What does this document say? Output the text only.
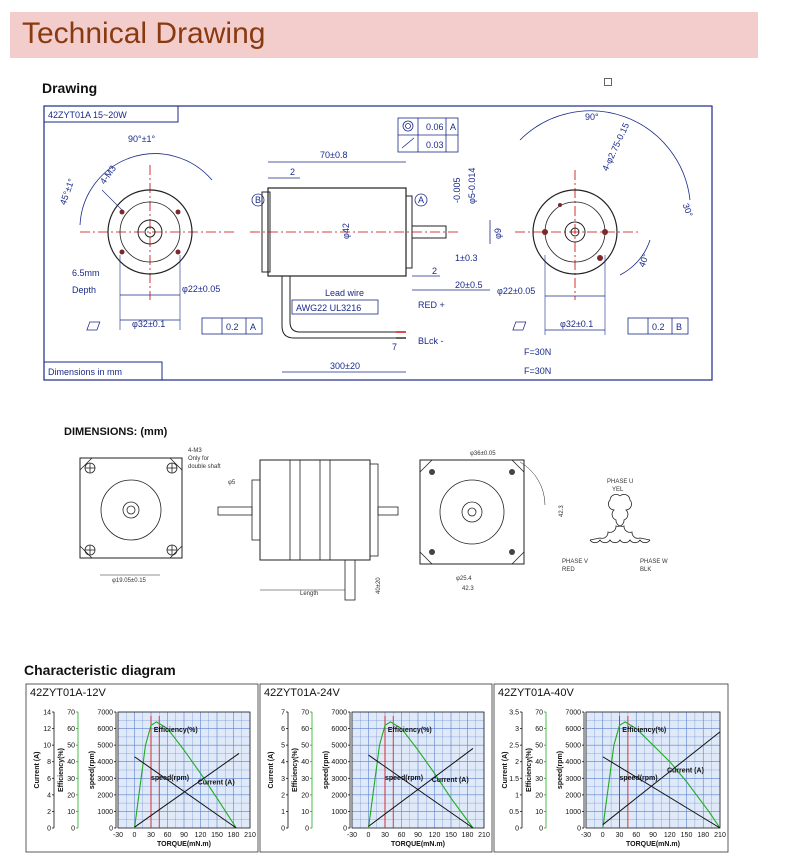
Technical Drawing
Drawing
42ZYT01A 15~20W
Dimensions in mm
90°±1°
45°±1°
4-M3
6.5mm
Depth	φ22±0.05
φ32±0.1	0.2 A
0.06 A
0.03
70±0.8
2
φ42
B	A	-0.005 φ5-0.014
φ9
1±0.3
2
20±0.5
Lead wire
AWG22 UL3216	RED +
BLck -
7
300±20
90°
4-φ2.75-0.15
30°
40°
φ22±0.05
φ32±0.1	0.2 B
F=30N
F=30N
DIMENSIONS: (mm)
φ19.05±0.15
4-M3
Only for
double shaft
φ5
Length	40±20
φ36±0.05
42.3
φ25.4
42.3
PHASE U
YEL
PHASE V
RED
PHASE W
BLK
Characteristic diagram
42ZYT01A-12V
0
2
4
6
8
10
12
14
Current (A)
0
10
20
30
40
50
60
70
Efficiency(%)
0
1000
2000
3000
4000
5000
6000
7000
speed(rpm)
-30 0 30 60 90 120 150 180 210
TORQUE(mN.m)
Efficiency(%)
Current (A)
speed(rpm)
42ZYT01A-24V
0
1
2
3
4
5
6
7
Current (A)
0
10
20
30
40
50
60
70
Efficiency(%)
0
1000
2000
3000
4000
5000
6000
7000
speed(rpm)
-30 0 30 60 90 120 150 180 210
TORQUE(mN.m)
Efficiency(%)
Current (A)
speed(rpm)
42ZYT01A-40V
0
0.5
1
1.5
2
2.5
3
3.5
Current (A)
0
10
20
30
40
50
60
70
Efficiency(%)
0
1000
2000
3000
4000
5000
6000
7000
speed(rpm)
-30 0 30 60 90 120 150 180 210
TORQUE(mN.m)
Efficiency(%)
Current (A)
speed(rpm)
